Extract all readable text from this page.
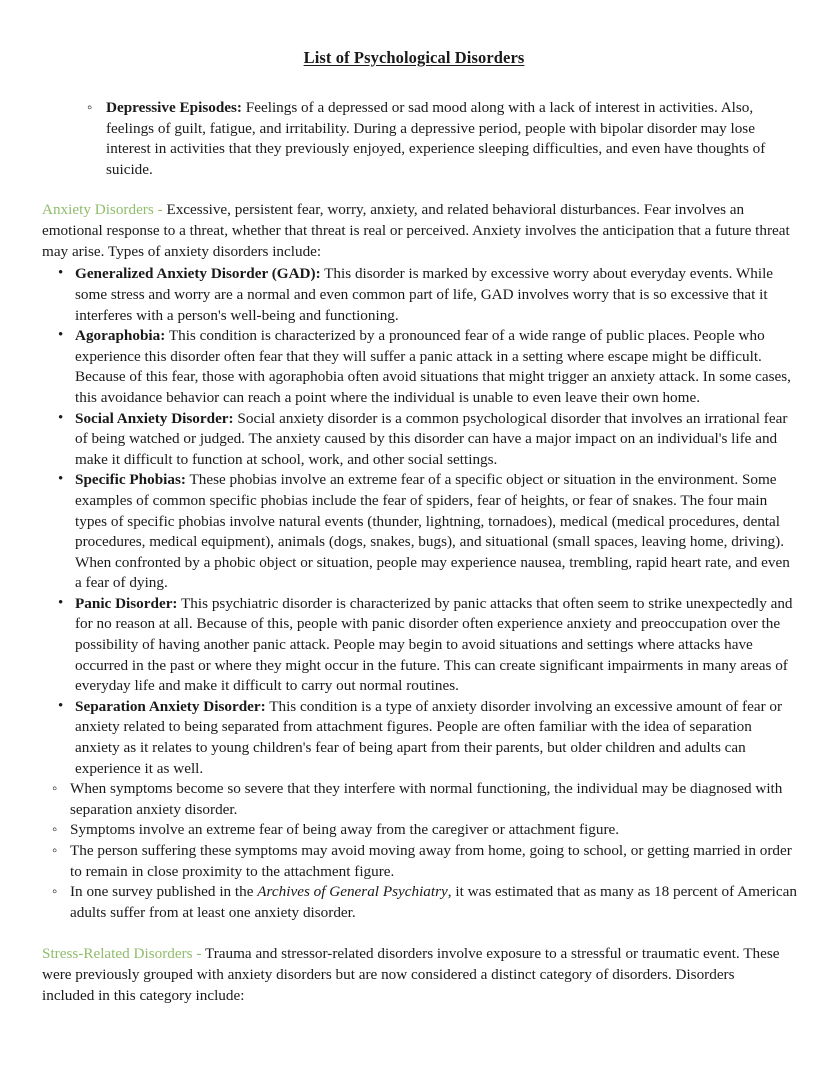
List of Psychological Disorders
◦ Depressive Episodes: Feelings of a depressed or sad mood along with a lack of interest in activities. Also, feelings of guilt, fatigue, and irritability. During a depressive period, people with bipolar disorder may lose interest in activities that they previously enjoyed, experience sleeping difficulties, and even have thoughts of suicide.

Anxiety Disorders - Excessive, persistent fear, worry, anxiety, and related behavioral disturbances. Fear involves an emotional response to a threat, whether that threat is real or perceived. Anxiety involves the anticipation that a future threat may arise. Types of anxiety disorders include:

• Generalized Anxiety Disorder (GAD): This disorder is marked by excessive worry about everyday events. While some stress and worry are a normal and even common part of life, GAD involves worry that is so excessive that it interferes with a person's well-being and functioning.
• Agoraphobia: This condition is characterized by a pronounced fear of a wide range of public places. People who experience this disorder often fear that they will suffer a panic attack in a setting where escape might be difficult. Because of this fear, those with agoraphobia often avoid situations that might trigger an anxiety attack. In some cases, this avoidance behavior can reach a point where the individual is unable to even leave their own home.
• Social Anxiety Disorder: Social anxiety disorder is a common psychological disorder that involves an irrational fear of being watched or judged. The anxiety caused by this disorder can have a major impact on an individual's life and make it difficult to function at school, work, and other social settings.
• Specific Phobias: These phobias involve an extreme fear of a specific object or situation in the environment. Some examples of common specific phobias include the fear of spiders, fear of heights, or fear of snakes. The four main types of specific phobias involve natural events (thunder, lightning, tornadoes), medical (medical procedures, dental procedures, medical equipment), animals (dogs, snakes, bugs), and situational (small spaces, leaving home, driving). When confronted by a phobic object or situation, people may experience nausea, trembling, rapid heart rate, and even a fear of dying.
• Panic Disorder: This psychiatric disorder is characterized by panic attacks that often seem to strike unexpectedly and for no reason at all. Because of this, people with panic disorder often experience anxiety and preoccupation over the possibility of having another panic attack. People may begin to avoid situations and settings where attacks have occurred in the past or where they might occur in the future. This can create significant impairments in many areas of everyday life and make it difficult to carry out normal routines.
• Separation Anxiety Disorder: This condition is a type of anxiety disorder involving an excessive amount of fear or anxiety related to being separated from attachment figures. People are often familiar with the idea of separation anxiety as it relates to young children's fear of being apart from their parents, but older children and adults can experience it as well.
◦ When symptoms become so severe that they interfere with normal functioning, the individual may be diagnosed with separation anxiety disorder.
◦ Symptoms involve an extreme fear of being away from the caregiver or attachment figure.
◦ The person suffering these symptoms may avoid moving away from home, going to school, or getting married in order to remain in close proximity to the attachment figure.
◦ In one survey published in the Archives of General Psychiatry, it was estimated that as many as 18 percent of American adults suffer from at least one anxiety disorder.

Stress-Related Disorders - Trauma and stressor-related disorders involve exposure to a stressful or traumatic event. These were previously grouped with anxiety disorders but are now considered a distinct category of disorders. Disorders included in this category include:
